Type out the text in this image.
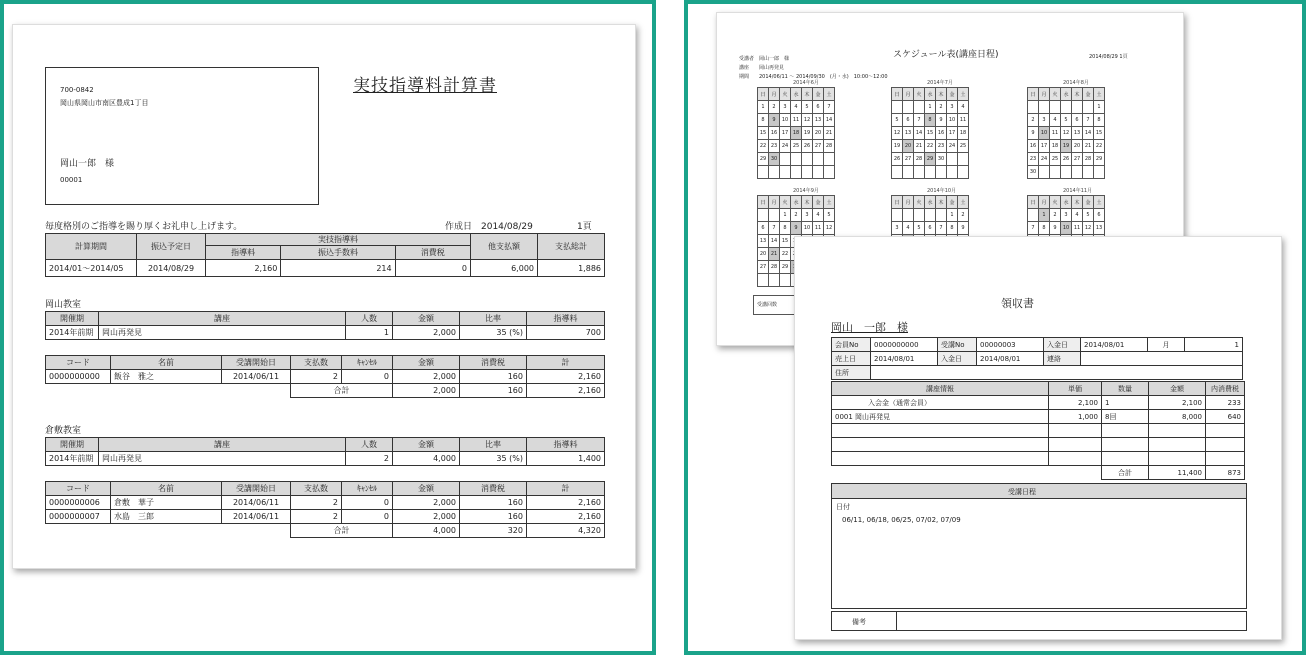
700-0842
岡山県岡山市南区豊成1丁目
岡山一郎　様
00001
実技指導料計算書
毎度格別のご指導を賜り厚くお礼申し上げます。	作成日　2014/08/29	1頁
計算期間	振込予定日	実技指導料			他支払額	支払総計
		指導料	振込手数料	消費税		
2014/01～2014/05	2014/08/29	2,160	214	0	6,000	1,886
岡山教室
開催期	講座	人数	金額	比率	指導料
2014年前期	岡山再発見	1	2,000	35 (%)	700
コード	名前	受講開始日	支払数	ｷｬﾝｾﾙ	金額	消費税	計
0000000000	飯谷　雅之	2014/06/11	2	0	2,000	160	2,160
			合計		2,000	160	2,160
倉敷教室
開催期	講座	人数	金額	比率	指導料
2014年前期	岡山再発見	2	4,000	35 (%)	1,400
コード	名前	受講開始日	支払数	ｷｬﾝｾﾙ	金額	消費税	計
0000000006	倉敷　華子	2014/06/11	2	0	2,000	160	2,160
0000000007	水島　三郎	2014/06/11	2	0	2,000	160	2,160
			合計		4,000	320	4,320
スケジュール表(講座日程)	2014/08/29 1頁
受講者　岡山一郎　様
講座　　岡山再発見
期間　　2014/06/11 ～ 2014/09/30　(月・水)　10:00～12:00
2014年6月
日	月	火	水	木	金	土
1	2	3	4	5	6	7
8	9	10	11	12	13	14
15	16	17	18	19	20	21
22	23	24	25	26	27	28
29	30					

2014年7月
日	月	火	水	木	金	土
			1	2	3	4
5	6	7	8	9	10	11
12	13	14	15	16	17	18
19	20	21	22	23	24	25
26	27	28	29	30		

2014年8月
日	月	火	水	木	金	土
						1
2	3	4	5	6	7	8
9	10	11	12	13	14	15
16	17	18	19	20	21	22
23	24	25	26	27	28	29
30						
2014年9月
日	月	火	水	木	金	土
		1	2	3	4	5
6	7	8	9	10	11	12
13	14	15				
20	21	22				
27	28	29				

2014年10月
日	月	火	水	木	金	土
					1	2
3	4	5	6	7	8	9

2014年11月
日	月	火	水	木	金	土
	1	2	3	4	5	6
7	8	9	10	11	12	13

受講回数	領収書
岡山　一郎　様
会員No	0000000000	受講No	00000003	入金日	2014/08/01	月	1
売上日	2014/08/01	入金日	2014/08/01	連絡			
住所							
講座情報	単価	数量	金額	内消費税
入会金（通常会員）	2,100	1	2,100	233
0001 岡山再発見	1,000	8回	8,000	640

		合計	11,400	873
受講日程
日付
06/11, 06/18, 06/25, 07/02, 07/09
備考
